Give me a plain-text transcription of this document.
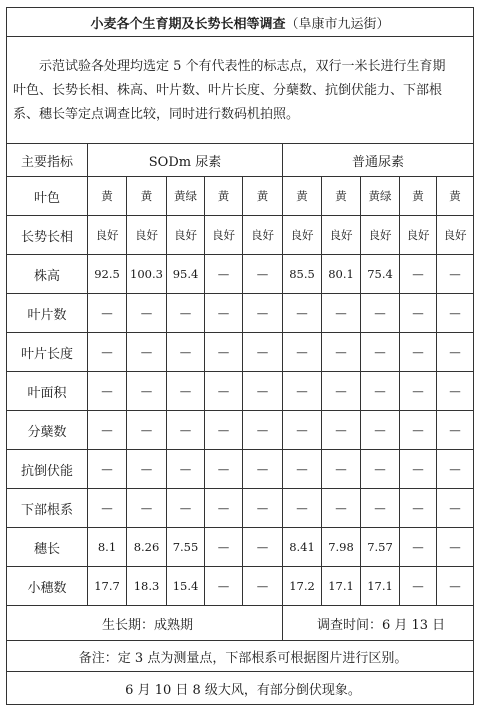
小麦各个生育期及长势长相等调查（阜康市九运街）										

　　示范试验各处理均选定 5 个有代表性的标志点，双行一米长进行生育期
叶色、长势长相、株高、叶片数、叶片长度、分蘖数、抗倒伏能力、下部根
系、穗长等定点调查比较，同时进行数码机拍照。										

主要指标	SODm 尿素					普通尿素				
叶色	黄	黄	黄绿	黄	黄	黄	黄	黄绿	黄	黄
长势长相	良好	良好	良好	良好	良好	良好	良好	良好	良好	良好
株高	92.5	100.3	95.4	—	—	85.5	80.1	75.4	—	—
叶片数	—	—	—	—	—	—	—	—	—	—
叶片长度	—	—	—	—	—	—	—	—	—	—
叶面积	—	—	—	—	—	—	—	—	—	—
分蘖数	—	—	—	—	—	—	—	—	—	—
抗倒伏能	—	—	—	—	—	—	—	—	—	—
下部根系	—	—	—	—	—	—	—	—	—	—
穗长	8.1	8.26	7.55	—	—	8.41	7.98	7.57	—	—
小穗数	17.7	18.3	15.4	—	—	17.2	17.1	17.1	—	—
生长期：成熟期						调查时间：6 月 13 日				
备注：定 3 点为测量点，下部根系可根据图片进行区别。										
6 月 10 日 8 级大风，有部分倒伏现象。										
